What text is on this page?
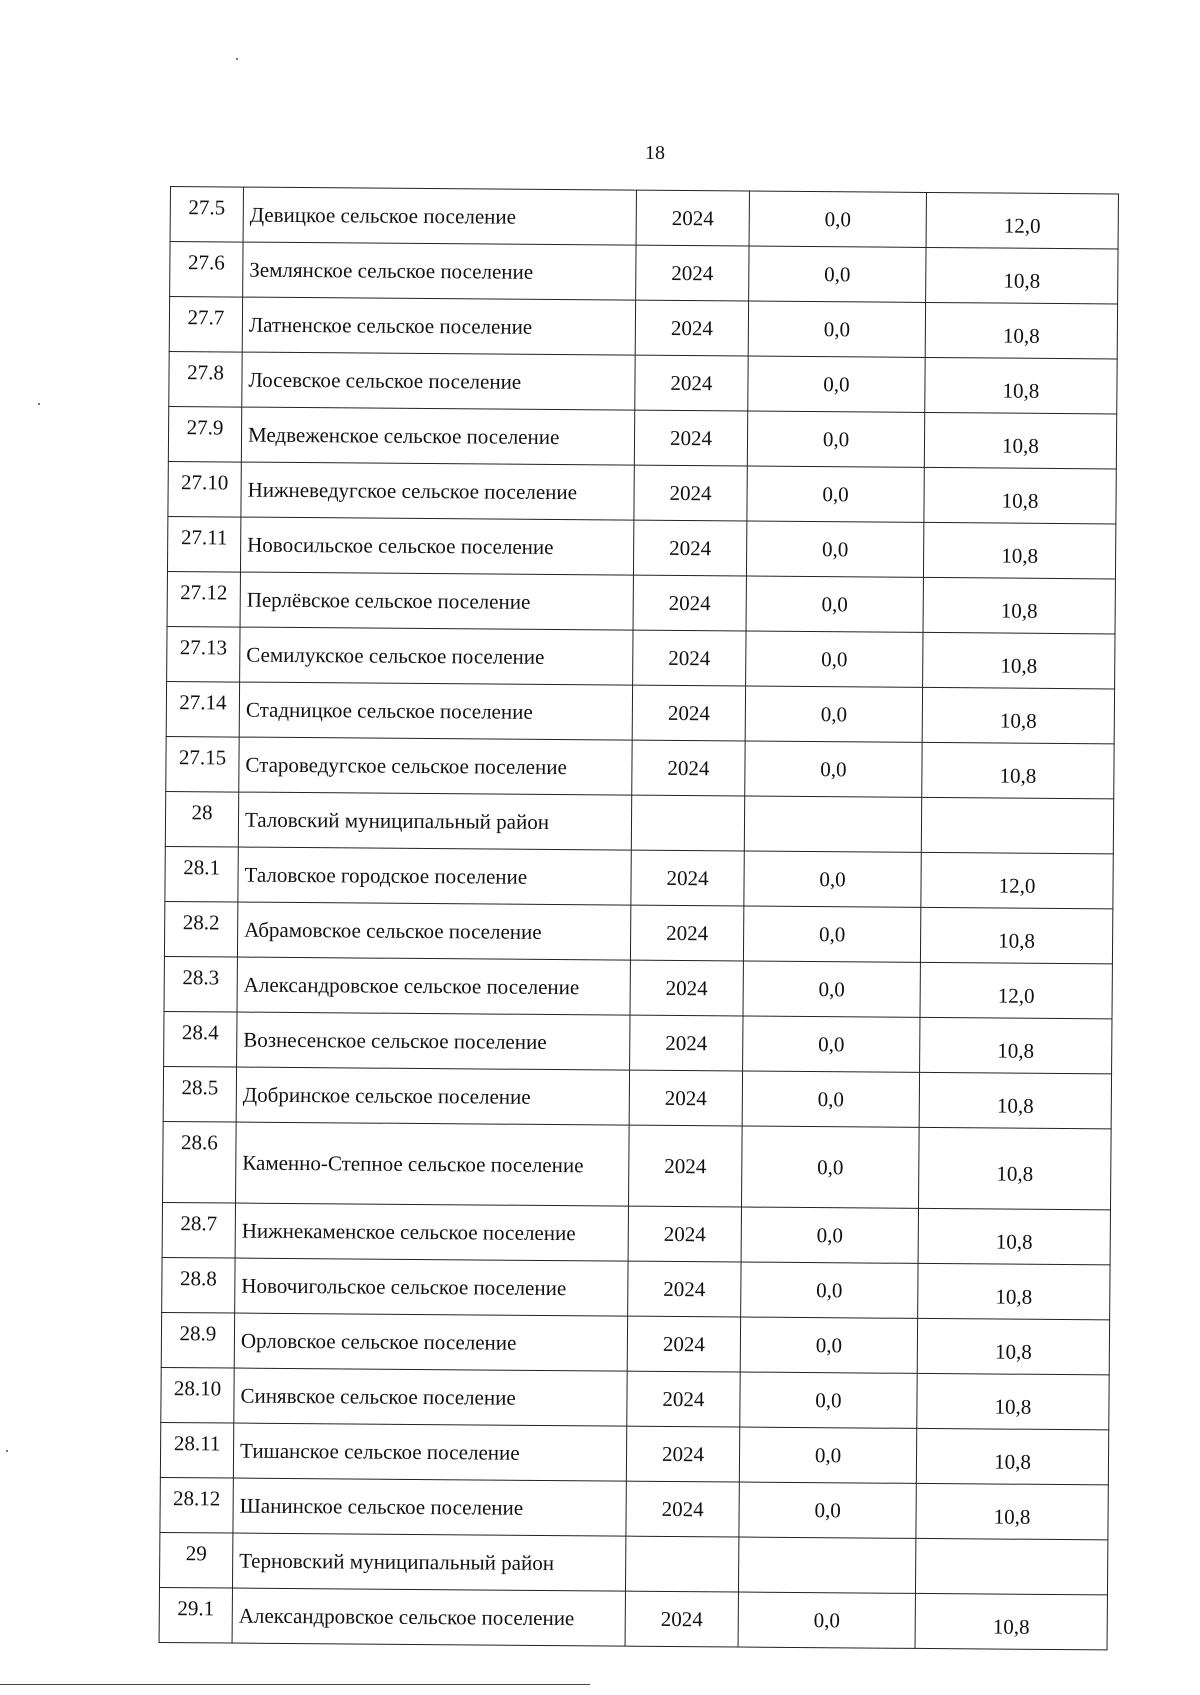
18
27.5	Девицкое сельское поселение	2024	0,0	12,0
27.6	Землянское сельское поселение	2024	0,0	10,8
27.7	Латненское сельское поселение	2024	0,0	10,8
27.8	Лосевское сельское поселение	2024	0,0	10,8
27.9	Медвеженское сельское поселение	2024	0,0	10,8
27.10	Нижневедугское сельское поселение	2024	0,0	10,8
27.11	Новосильское сельское поселение	2024	0,0	10,8
27.12	Перлёвское сельское поселение	2024	0,0	10,8
27.13	Семилукское сельское поселение	2024	0,0	10,8
27.14	Стадницкое сельское поселение	2024	0,0	10,8
27.15	Староведугское сельское поселение	2024	0,0	10,8
28	Таловский муниципальный район			
28.1	Таловское городское поселение	2024	0,0	12,0
28.2	Абрамовское сельское поселение	2024	0,0	10,8
28.3	Александровское сельское поселение	2024	0,0	12,0
28.4	Вознесенское сельское поселение	2024	0,0	10,8
28.5	Добринское сельское поселение	2024	0,0	10,8
28.6	Каменно-Степное сельское поселение	2024	0,0	10,8
28.7	Нижнекаменское сельское поселение	2024	0,0	10,8
28.8	Новочигольское сельское поселение	2024	0,0	10,8
28.9	Орловское сельское поселение	2024	0,0	10,8
28.10	Синявское сельское поселение	2024	0,0	10,8
28.11	Тишанское сельское поселение	2024	0,0	10,8
28.12	Шанинское сельское поселение	2024	0,0	10,8
29	Терновский муниципальный район			
29.1	Александровское сельское поселение	2024	0,0	10,8
